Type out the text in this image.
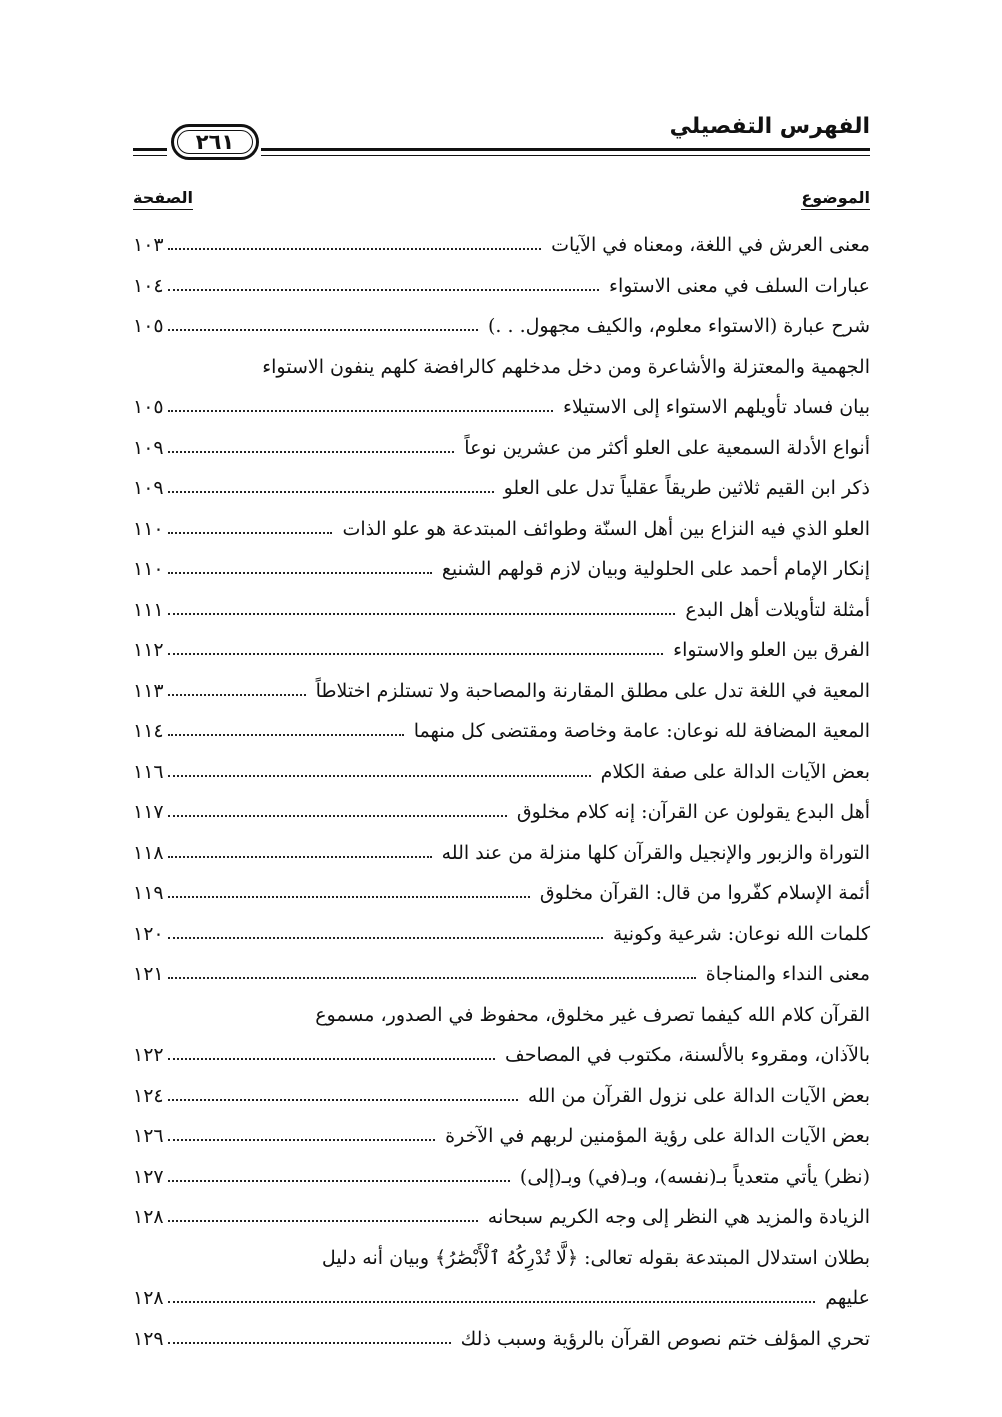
٢٦١
الفهرس التفصيلي
الموضوع
الصفحة
معنى العرش في اللغة، ومعناه في الآيات
١٠٣
عبارات السلف في معنى الاستواء
١٠٤
شرح عبارة (الاستواء معلوم، والكيف مجهول. . .)
١٠٥
الجهمية والمعتزلة والأشاعرة ومن دخل مدخلهم كالرافضة كلهم ينفون الاستواء
بيان فساد تأويلهم الاستواء إلى الاستيلاء
١٠٥
أنواع الأدلة السمعية على العلو أكثر من عشرين نوعاً
١٠٩
ذكر ابن القيم ثلاثين طريقاً عقلياً تدل على العلو
١٠٩
العلو الذي فيه النزاع بين أهل السنّة وطوائف المبتدعة هو علو الذات
١١٠
إنكار الإمام أحمد على الحلولية وبيان لازم قولهم الشنيع
١١٠
أمثلة لتأويلات أهل البدع
١١١
الفرق بين العلو والاستواء
١١٢
المعية في اللغة تدل على مطلق المقارنة والمصاحبة ولا تستلزم اختلاطاً
١١٣
المعية المضافة لله نوعان: عامة وخاصة ومقتضى كل منهما
١١٤
بعض الآيات الدالة على صفة الكلام
١١٦
أهل البدع يقولون عن القرآن: إنه كلام مخلوق
١١٧
التوراة والزبور والإنجيل والقرآن كلها منزلة من عند الله
١١٨
أئمة الإسلام كفّروا من قال: القرآن مخلوق
١١٩
كلمات الله نوعان: شرعية وكونية
١٢٠
معنى النداء والمناجاة
١٢١
القرآن كلام الله كيفما تصرف غير مخلوق، محفوظ في الصدور، مسموع
بالآذان، ومقروء بالألسنة، مكتوب في المصاحف
١٢٢
بعض الآيات الدالة على نزول القرآن من الله
١٢٤
بعض الآيات الدالة على رؤية المؤمنين لربهم في الآخرة
١٢٦
(نظر) يأتي متعدياً بـ(نفسه)، وبـ(في) وبـ(إلى)
١٢٧
الزيادة والمزيد هي النظر إلى وجه الكريم سبحانه
١٢٨
بطلان استدلال المبتدعة بقوله تعالى: ﴿لَّا تُدْرِكُهُ ٱلْأَبْصَٰرُ﴾ وبيان أنه دليل
عليهم
١٢٨
تحري المؤلف ختم نصوص القرآن بالرؤية وسبب ذلك
١٢٩
